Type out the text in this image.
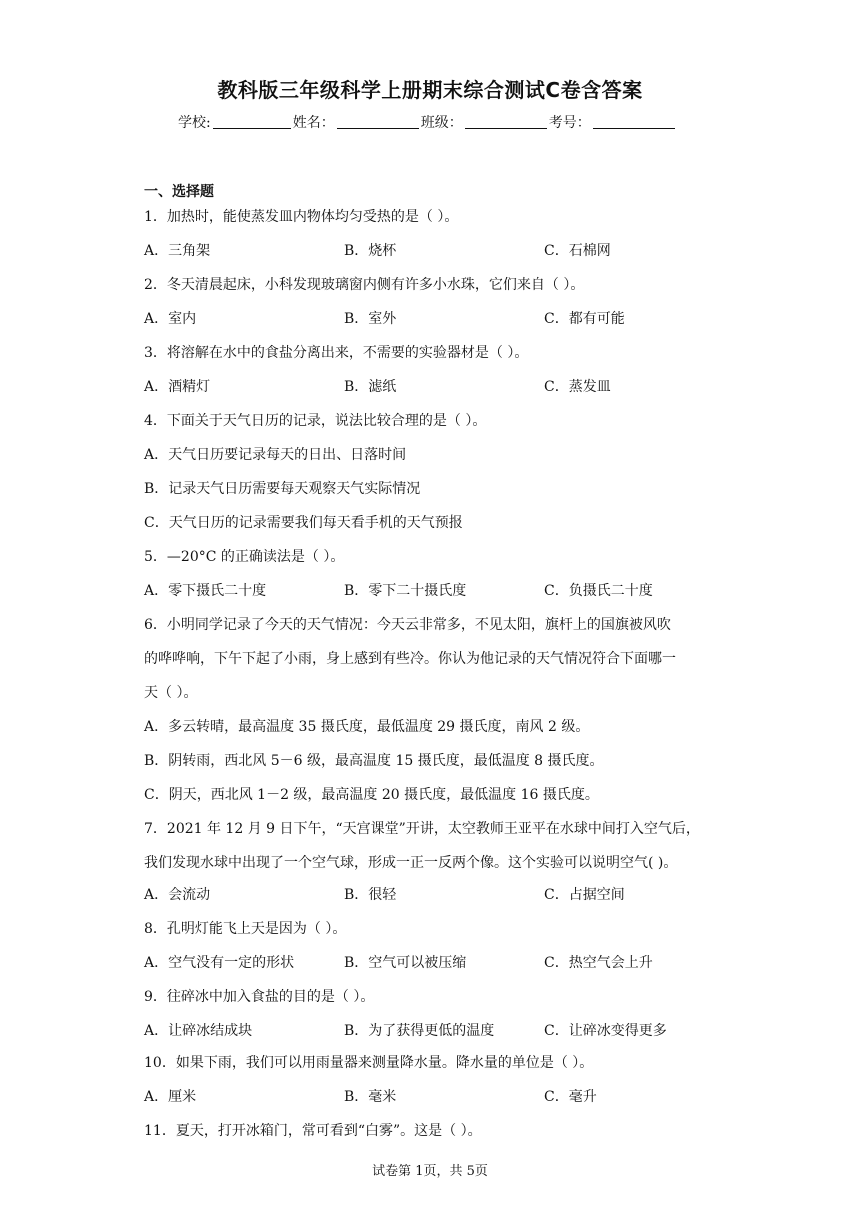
教科版三年级科学上册期末综合测试C卷含答案
学校:	姓名：	班级：	考号：
一、选择题
1．加热时，能使蒸发皿内物体均匀受热的是（ ）。
A．三角架	B．烧杯	C．石棉网
2．冬天清晨起床，小科发现玻璃窗内侧有许多小水珠，它们来自（ ）。
A．室内	B．室外	C．都有可能
3．将溶解在水中的食盐分离出来，不需要的实验器材是（ ）。
A．酒精灯	B．滤纸	C．蒸发皿
4．下面关于天气日历的记录，说法比较合理的是（ ）。
A．天气日历要记录每天的日出、日落时间
B．记录天气日历需要每天观察天气实际情况
C．天气日历的记录需要我们每天看手机的天气预报
5．—20°C 的正确读法是（ ）。
A．零下摄氏二十度	B．零下二十摄氏度	C．负摄氏二十度
6．小明同学记录了今天的天气情况：今天云非常多，不见太阳，旗杆上的国旗被风吹
的哗哗响，下午下起了小雨，身上感到有些冷。你认为他记录的天气情况符合下面哪一
天（ ）。
A．多云转晴，最高温度 35 摄氏度，最低温度 29 摄氏度，南风 2 级。
B．阴转雨，西北风 5－6 级，最高温度 15 摄氏度，最低温度 8 摄氏度。
C．阴天，西北风 1－2 级，最高温度 20 摄氏度，最低温度 16 摄氏度。
7．2021 年 12 月 9 日下午，“天宫课堂”开讲，太空教师王亚平在水球中间打入空气后，
我们发现水球中出现了一个空气球，形成一正一反两个像。这个实验可以说明空气( )。
A．会流动	B．很轻	C．占据空间
8．孔明灯能飞上天是因为（ ）。
A．空气没有一定的形状	B．空气可以被压缩	C．热空气会上升
9．往碎冰中加入食盐的目的是（ ）。
A．让碎冰结成块	B．为了获得更低的温度	C．让碎冰变得更多
10．如果下雨，我们可以用雨量器来测量降水量。降水量的单位是（ ）。
A．厘米	B．毫米	C．毫升
11．夏天，打开冰箱门，常可看到“白雾”。这是（ ）。
试卷第 1页，共 5页
